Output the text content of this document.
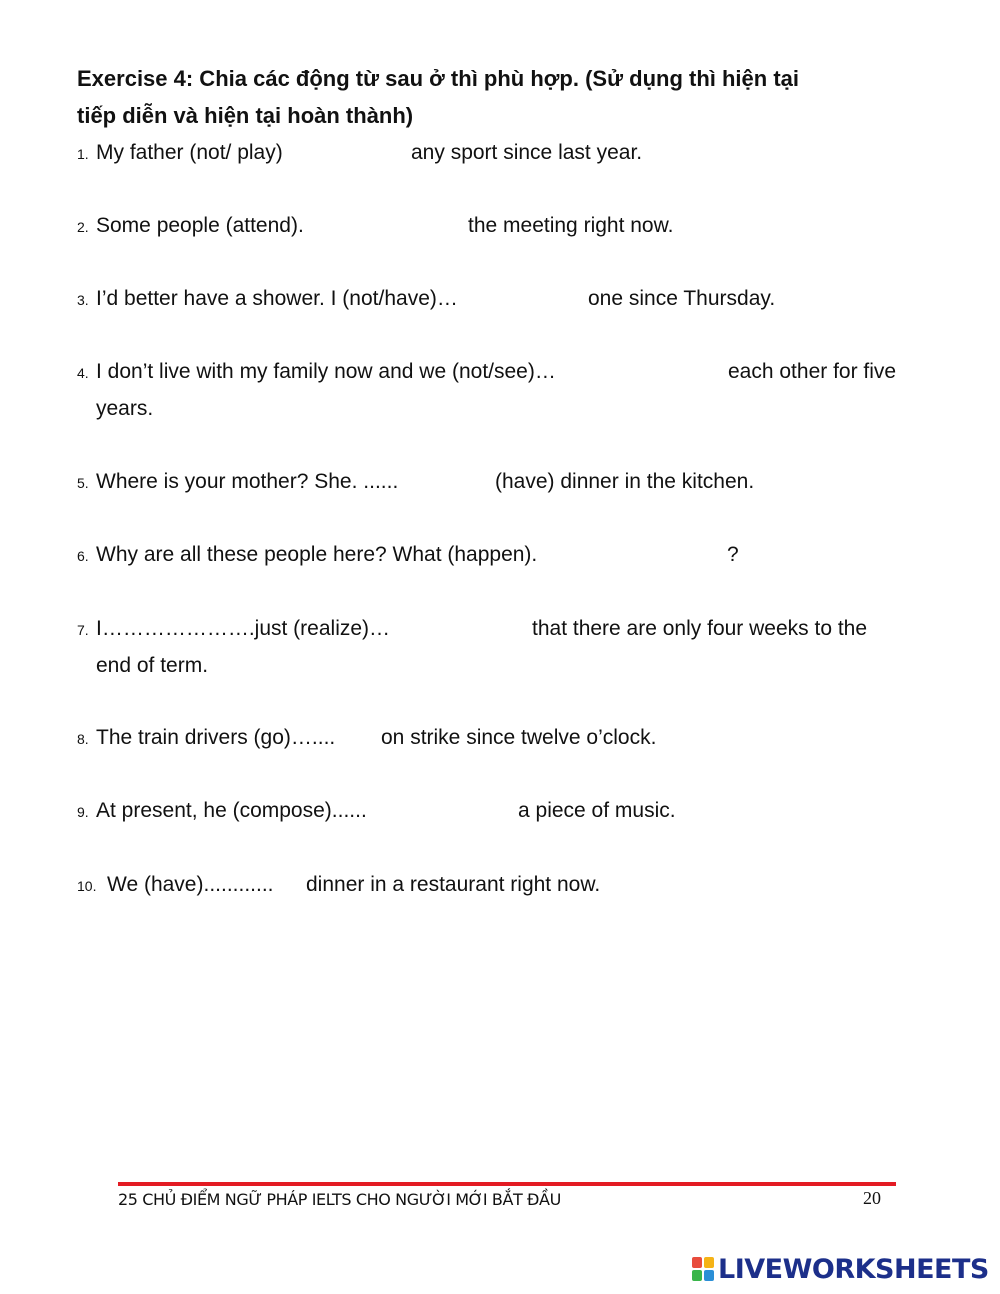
Exercise 4: Chia các động từ sau ở thì phù hợp. (Sử dụng thì hiện tại
tiếp diễn và hiện tại hoàn thành)
1. My father (not/ play)	any sport since last year.
2. Some people (attend).	the meeting right now.
3. I’d better have a shower. I (not/have)…	one since Thursday.
4. I don’t live with my family now and we (not/see)…	each other for five
years.
5. Where is your mother? She. ......	(have) dinner in the kitchen.
6. Why are all these people here? What (happen).	?
7. I………………….just (realize)…	that there are only four weeks to the
end of term.
8. The train drivers (go)….... on strike since twelve o’clock.
9. At present, he (compose)......	a piece of music.
10. We (have)............ dinner in a restaurant right now.
25 CHỦ ĐIỂM NGỮ PHÁP IELTS CHO NGƯỜI MỚI BẮT ĐẦU	20
LIVEWORKSHEETS
